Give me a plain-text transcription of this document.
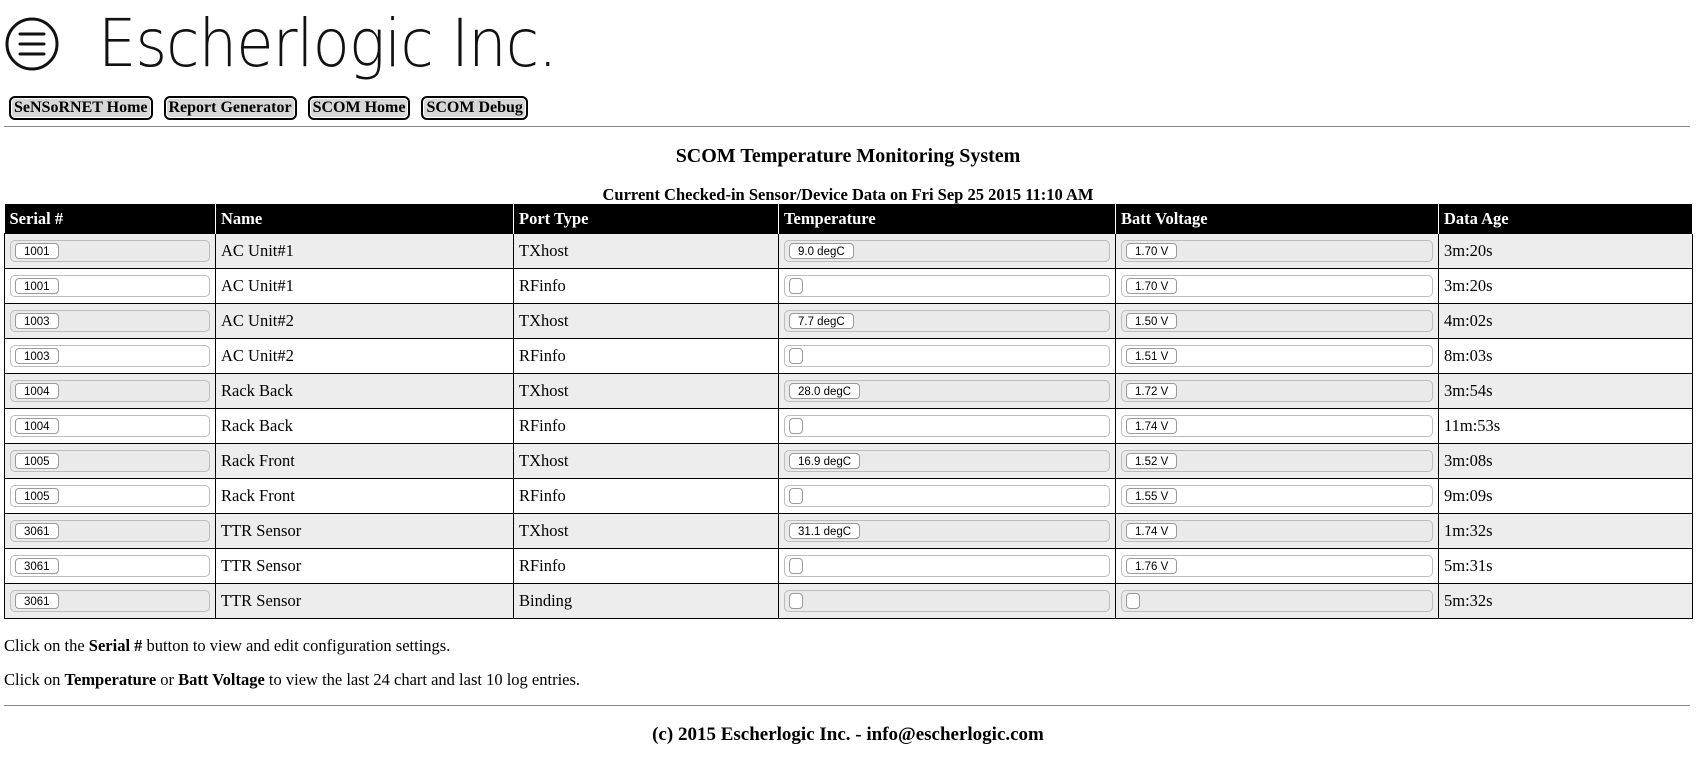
Escherlogic Inc.
SeNSoRNET Home	Report Generator	SCOM Home	SCOM Debug
SCOM Temperature Monitoring System
Current Checked-in Sensor/Device Data on Fri Sep 25 2015 11:10 AM
Serial #	Name	Port Type	Temperature	Batt Voltage	Data Age

1001	AC Unit#1	TXhost	9.0 degC	1.70 V	3m:20s

1001	AC Unit#1	RFinfo		1.70 V	3m:20s

1003	AC Unit#2	TXhost	7.7 degC	1.50 V	4m:02s

1003	AC Unit#2	RFinfo		1.51 V	8m:03s

1004	Rack Back	TXhost	28.0 degC	1.72 V	3m:54s

1004	Rack Back	RFinfo		1.74 V	11m:53s

1005	Rack Front	TXhost	16.9 degC	1.52 V	3m:08s

1005	Rack Front	RFinfo		1.55 V	9m:09s

3061	TTR Sensor	TXhost	31.1 degC	1.74 V	1m:32s

3061	TTR Sensor	RFinfo		1.76 V	5m:31s

3061	TTR Sensor	Binding			5m:32s
Click on the Serial # button to view and edit configuration settings.
Click on Temperature or Batt Voltage to view the last 24 chart and last 10 log entries.
(c) 2015 Escherlogic Inc. - info@escherlogic.com
